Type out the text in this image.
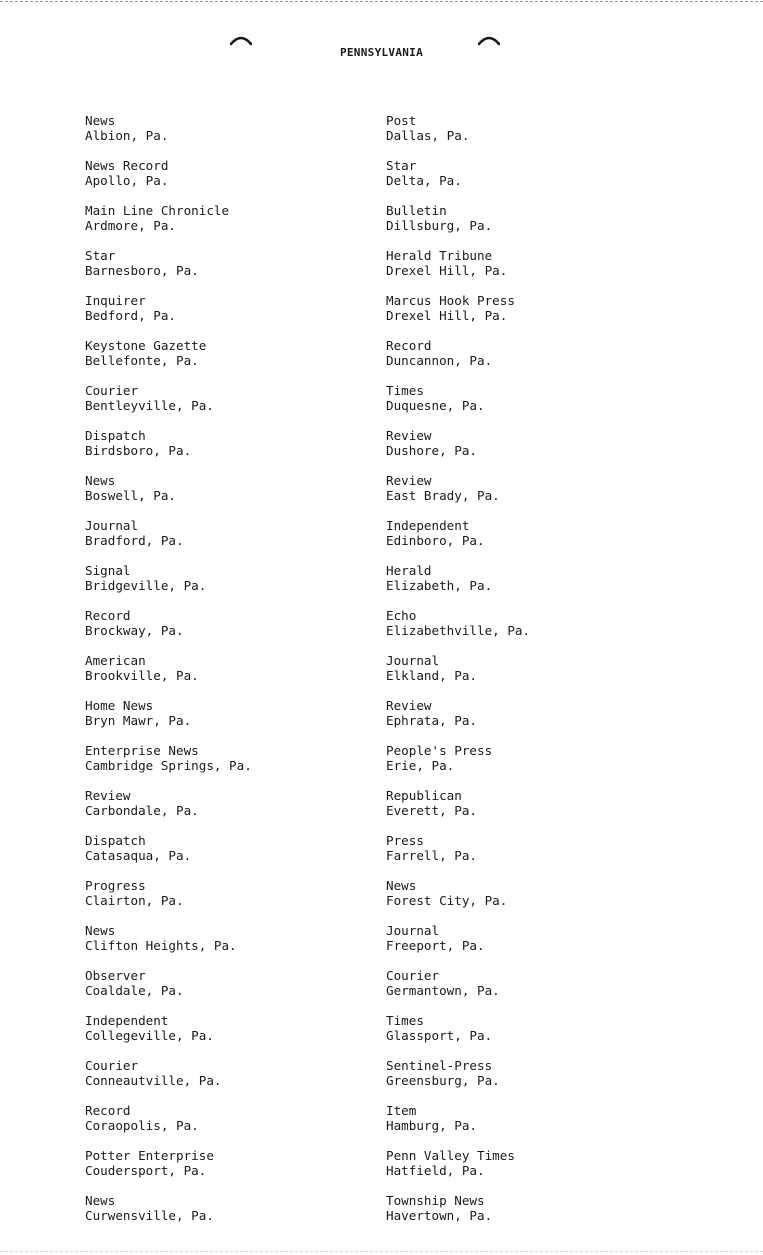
PENNSYLVANIA
News
Albion, Pa.
News Record
Apollo, Pa.
Main Line Chronicle
Ardmore, Pa.
Star
Barnesboro, Pa.
Inquirer
Bedford, Pa.
Keystone Gazette
Bellefonte, Pa.
Courier
Bentleyville, Pa.
Dispatch
Birdsboro, Pa.
News
Boswell, Pa.
Journal
Bradford, Pa.
Signal
Bridgeville, Pa.
Record
Brockway, Pa.
American
Brookville, Pa.
Home News
Bryn Mawr, Pa.
Enterprise News
Cambridge Springs, Pa.
Review
Carbondale, Pa.
Dispatch
Catasaqua, Pa.
Progress
Clairton, Pa.
News
Clifton Heights, Pa.
Observer
Coaldale, Pa.
Independent
Collegeville, Pa.
Courier
Conneautville, Pa.
Record
Coraopolis, Pa.
Potter Enterprise
Coudersport, Pa.
News
Curwensville, Pa.
Post
Dallas, Pa.
Star
Delta, Pa.
Bulletin
Dillsburg, Pa.
Herald Tribune
Drexel Hill, Pa.
Marcus Hook Press
Drexel Hill, Pa.
Record
Duncannon, Pa.
Times
Duquesne, Pa.
Review
Dushore, Pa.
Review
East Brady, Pa.
Independent
Edinboro, Pa.
Herald
Elizabeth, Pa.
Echo
Elizabethville, Pa.
Journal
Elkland, Pa.
Review
Ephrata, Pa.
People's Press
Erie, Pa.
Republican
Everett, Pa.
Press
Farrell, Pa.
News
Forest City, Pa.
Journal
Freeport, Pa.
Courier
Germantown, Pa.
Times
Glassport, Pa.
Sentinel-Press
Greensburg, Pa.
Item
Hamburg, Pa.
Penn Valley Times
Hatfield, Pa.
Township News
Havertown, Pa.
